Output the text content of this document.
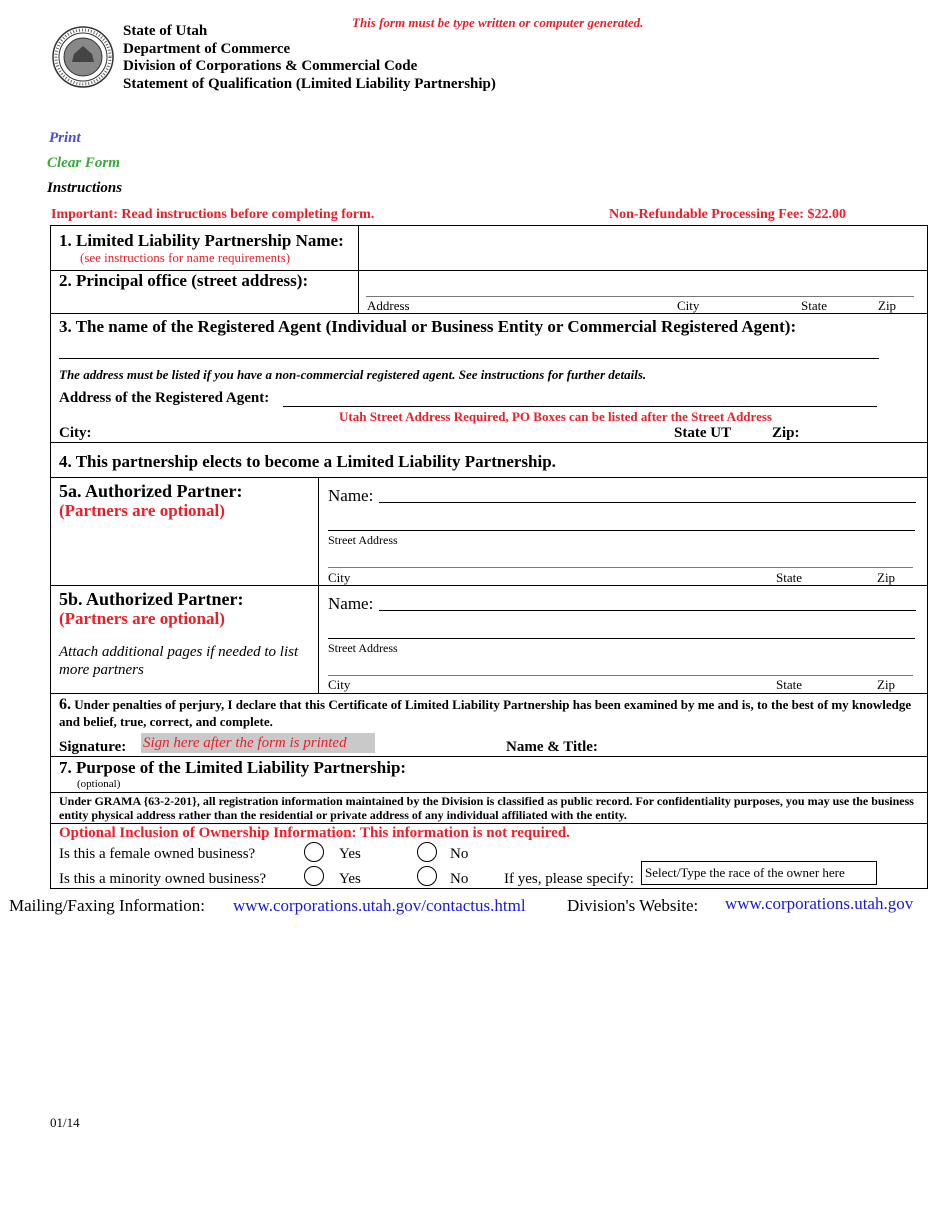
State of Utah
Department of Commerce
Division of Corporations & Commercial Code
Statement of Qualification (Limited Liability Partnership)
This form must be type written or computer generated.
Print
Clear Form
Instructions
Important: Read instructions before completing form.	Non-Refundable Processing Fee: $22.00
1. Limited Liability Partnership Name:
(see instructions for name requirements)
2. Principal office (street address):
Address	City	State	Zip
3. The name of the Registered Agent (Individual or Business Entity or Commercial Registered Agent):
The address must be listed if you have a non-commercial registered agent. See instructions for further details.
Address of the Registered Agent:
Utah Street Address Required, PO Boxes can be listed after the Street Address
City:	State UT	Zip:
4. This partnership elects to become a Limited Liability Partnership.
5a. Authorized Partner:
(Partners are optional)
Name:
Street Address
City	State	Zip
5b. Authorized Partner:
(Partners are optional)
Attach additional pages if needed to list more partners
Name:
Street Address
City	State	Zip
6. Under penalties of perjury, I declare that this Certificate of Limited Liability Partnership has been examined by me and is, to the best of my knowledge and belief, true, correct, and complete.
Signature: Sign here after the form is printed	Name & Title:
7. Purpose of the Limited Liability Partnership:
(optional)
Under GRAMA {63-2-201}, all registration information maintained by the Division is classified as public record. For confidentiality purposes, you may use the business entity physical address rather than the residential or private address of any individual affiliated with the entity.
Optional Inclusion of Ownership Information: This information is not required.
Is this a female owned business?	Yes	No
Is this a minority owned business?	Yes	No If yes, please specify: Select/Type the race of the owner here
Mailing/Faxing Information: www.corporations.utah.gov/contactus.html Division's Website: www.corporations.utah.gov
01/14
